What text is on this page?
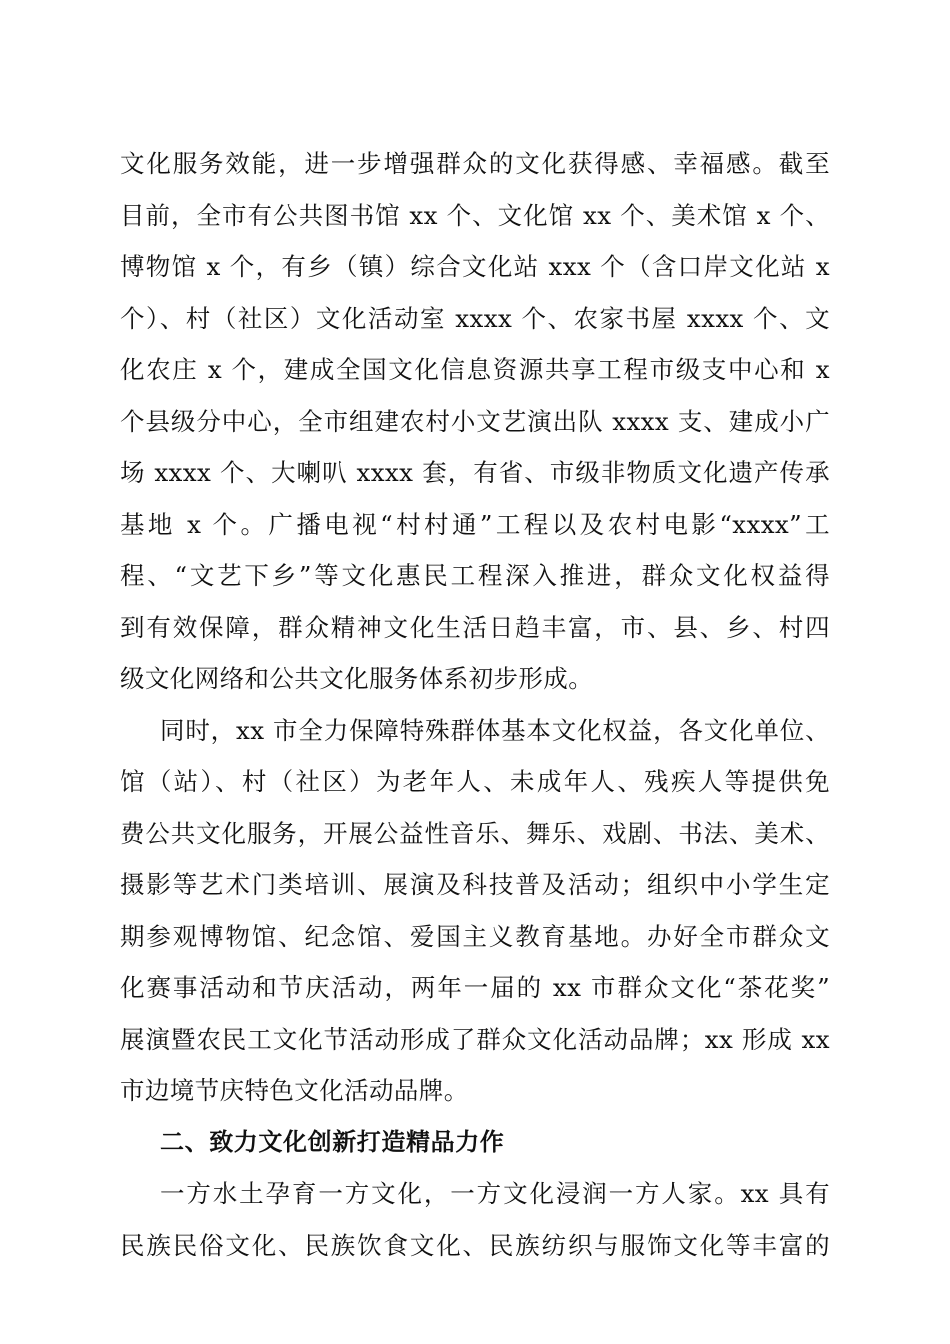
文化服务效能，进一步增强群众的文化获得感、幸福感。截至
目前，全市有公共图书馆 xx 个、文化馆 xx 个、美术馆 x 个、
博物馆 x 个，有乡（镇）综合文化站 xxx 个（含口岸文化站 x
个）、村（社区）文化活动室 xxxx 个、农家书屋 xxxx 个、文
化农庄 x 个，建成全国文化信息资源共享工程市级支中心和 x
个县级分中心，全市组建农村小文艺演出队 xxxx 支、建成小广
场 xxxx 个、大喇叭 xxxx 套，有省、市级非物质文化遗产传承
基地 x 个。广播电视“村村通”工程以及农村电影“xxxx”工
程、“文艺下乡”等文化惠民工程深入推进，群众文化权益得
到有效保障，群众精神文化生活日趋丰富，市、县、乡、村四
级文化网络和公共文化服务体系初步形成。
同时，xx 市全力保障特殊群体基本文化权益，各文化单位、
馆（站）、村（社区）为老年人、未成年人、残疾人等提供免
费公共文化服务，开展公益性音乐、舞乐、戏剧、书法、美术、
摄影等艺术门类培训、展演及科技普及活动；组织中小学生定
期参观博物馆、纪念馆、爱国主义教育基地。办好全市群众文
化赛事活动和节庆活动，两年一届的 xx 市群众文化“茶花奖”
展演暨农民工文化节活动形成了群众文化活动品牌；xx 形成 xx
市边境节庆特色文化活动品牌。
二、致力文化创新打造精品力作
一方水土孕育一方文化，一方文化浸润一方人家。xx 具有
民族民俗文化、民族饮食文化、民族纺织与服饰文化等丰富的
